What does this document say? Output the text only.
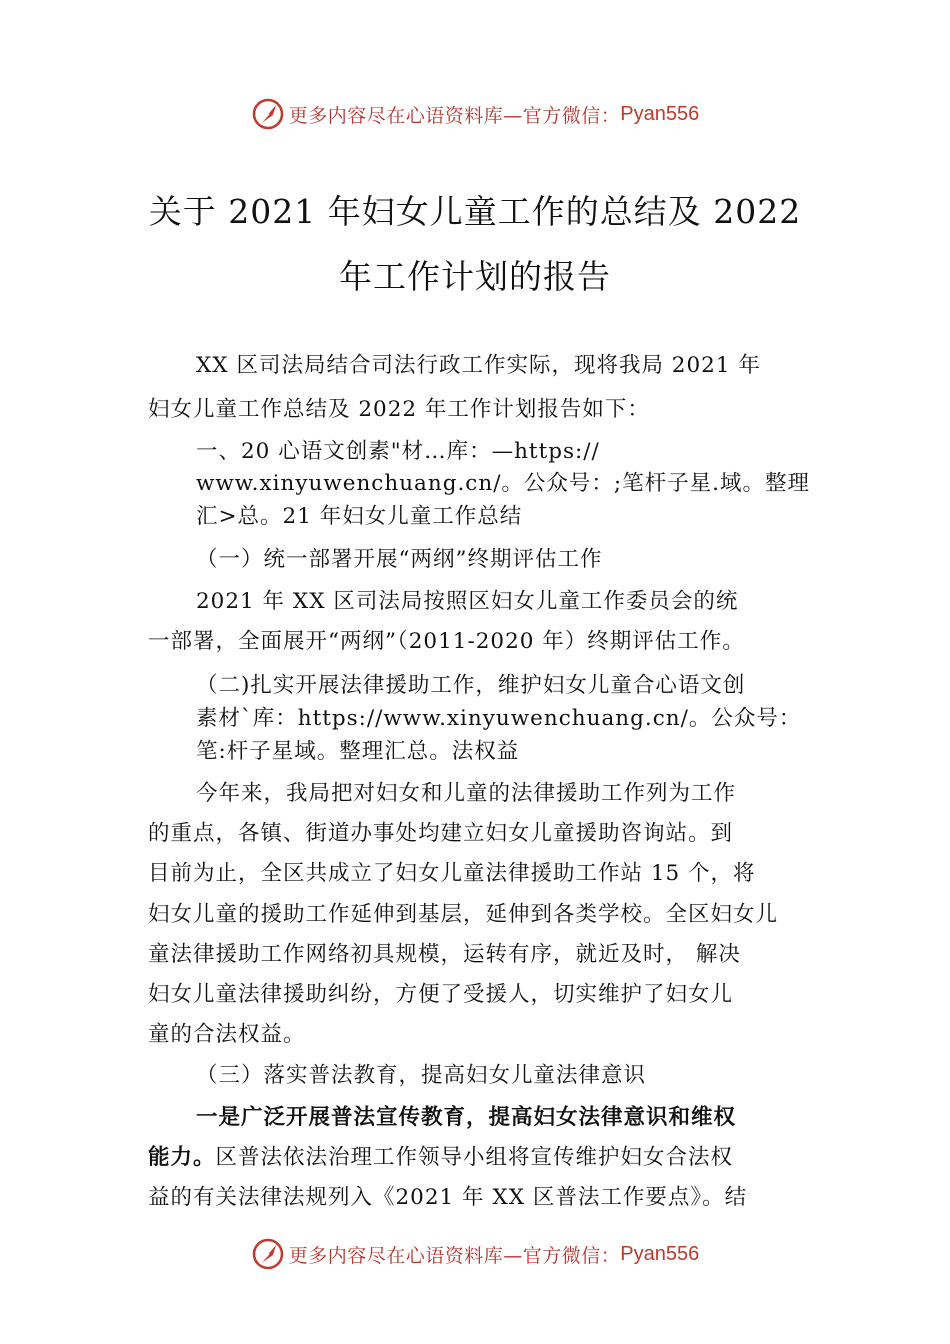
更多内容尽在心语资料库—官方微信： Pyan556
关于 2021 年妇女儿童工作的总结及 2022
年工作计划的报告
XX 区司法局结合司法行政工作实际，现将我局 2021 年
妇女儿童工作总结及 2022 年工作计划报告如下：
一、20 心语文创素"材…库：—https://
www.xinyuwenchuang.cn/。公众号：;笔杆子星.域。整理
汇>总。21 年妇女儿童工作总结
（一）统一部署开展“两纲”终期评估工作
2021 年 XX 区司法局按照区妇女儿童工作委员会的统
一部署，全面展开“两纲”（2011-2020 年）终期评估工作。
（二)扎实开展法律援助工作，维护妇女儿童合心语文创
素材`库：https://www.xinyuwenchuang.cn/。公众号：
笔:杆子星域。整理汇总。法权益
今年来，我局把对妇女和儿童的法律援助工作列为工作
的重点，各镇、街道办事处均建立妇女儿童援助咨询站。到
目前为止，全区共成立了妇女儿童法律援助工作站 15 个，将
妇女儿童的援助工作延伸到基层，延伸到各类学校。全区妇女儿
童法律援助工作网络初具规模，运转有序，就近及时， 解决
妇女儿童法律援助纠纷，方便了受援人，切实维护了妇女儿
童的合法权益。
（三）落实普法教育，提高妇女儿童法律意识
一是广泛开展普法宣传教育，提高妇女法律意识和维权
能力。区普法依法治理工作领导小组将宣传维护妇女合法权
益的有关法律法规列入《2021 年 XX 区普法工作要点》。结
更多内容尽在心语资料库—官方微信： Pyan556
